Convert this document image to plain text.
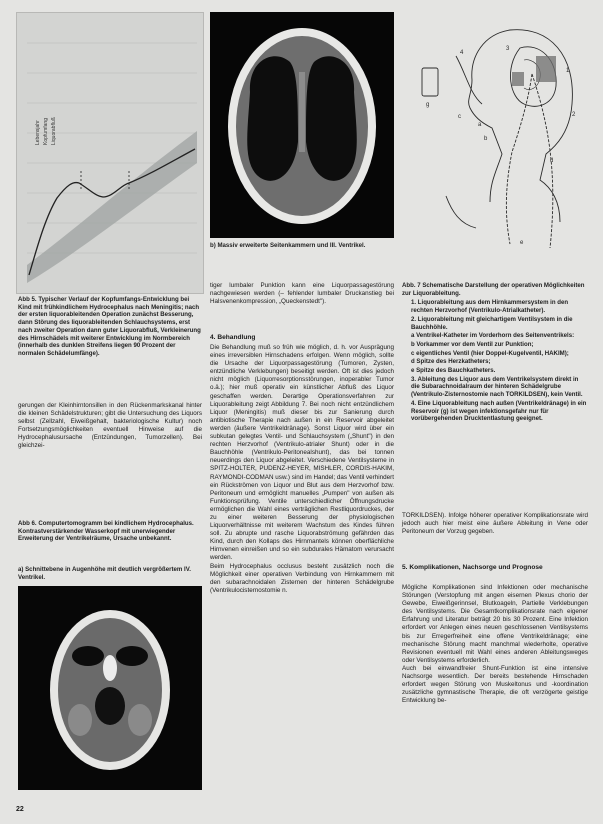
Lebensjahr Kopfumfang Liquorabfluß
Abb 5. Typischer Verlauf der Kopfumfangs-Entwicklung bei Kind mit frühkindlichem Hydrocephalus nach Meningitis; nach der ersten liquorableitenden Operation zunächst Besserung, dann Störung des liquorableitenden Schlauchsystems, erst nach zweiter Operation dann guter Liquorabfluß, Verkleinerung des Hirnschädels mit weiterer Entwicklung im Normbereich (innerhalb des dunklen Streifens liegen 90 Prozent der normalen Schädelumfänge).
gerungen der Kleinhirntonsillen in den Rückenmarkskanal hinter die kleinen Schädelstrukturen; gibt die Untersuchung des Liquors selbst (Zellzahl, Eiweißgehalt, bakteriologische Kultur) noch Fortsetzungsmöglichkeiten eventuell Hinweise auf die Hydrocephalusursache (Entzündungen, Tumorzellen). Bei gleichzei-
Abb 6. Computertomogramm bei kindlichem Hydrocephalus. Kontrastverstärkender Wasserkopf mit unerwiegender Erweiterung der Ventrikelräume, Ursache unbekannt.
a) Schnittebene in Augenhöhe mit deutlich vergrößertem IV. Ventrikel.
22
b) Massiv erweiterte Seitenkammern und III. Ventrikel.
tiger lumbaler Punktion kann eine Liquorpassagestörung nachgewiesen werden (– fehlender lumbaler Druckanstieg bei Halsvenenkompression, „Queckenstedt").
4. Behandlung
Die Behandlung muß so früh wie möglich, d. h. vor Ausprägung eines irreversiblen Hirnschadens erfolgen. Wenn möglich, sollte die Ursache der Liquorpassagestörung (Tumoren, Zysten, entzündliche Verklebungen) beseitigt werden. Oft ist dies jedoch nicht möglich (Liquorresorptionsstörungen, inoperabler Tumor o.ä.); hier muß operativ ein künstlicher Abfluß des Liquor geschaffen werden. Derartige Operationsverfahren zur Liquorableitung zeigt Abbildung 7. Bei noch nicht entzündlichem Liquor (Meningitis) muß dieser bis zur Sanierung durch antibiotische Therapie nach außen in ein Reservoir abgeleitet werden (äußere Ventrikeldränage). Sonst Liquor wird über ein subkutan gelegtes Ventil- und Schlauchsystem („Shunt") in den rechten Herzvorhof (Ventrikulo-atrialer Shunt) oder in die Bauchhöhle (Ventrikulo-Peritonealshunt), das bei tonnen neuerdings den Liquor abgeleitet. Verschiedene Ventilsysteme in SPITZ-HOLTER, PUDENZ-HEYER, MISHLER, CORDIS-HAKIM, RAYMONDI-CODMAN usw.) sind im Handel; das Ventil verhindert ein Rückströmen von Liquor und Blut aus dem Herzvorhof bzw. Peritoneum und ermöglicht manuelles „Pumpen" von außen als Funktionsprüfung. Ventile unterschiedlicher Öffnungsdrucke ermöglichen die Wahl eines verträglichen Restliquordruckes, der zu einer weiteren Besserung der physiologischen Liquorverhältnisse mit weiterem Wachstum des Kindes führen soll. Zu abrupte und rasche Liquorabströmung gefährden das Kind, durch den Kollaps des Hirnmantels können oberflächliche Hirnvenen einreißen und so ein subdurales Hämatom verursacht werden.
Beim Hydrocephalus occlusus besteht zusätzlich noch die Möglichkeit einer operativen Verbindung von Hirnkammern mit den subarachnoidalen Zisternen der hinteren Schädelgrube (Ventrikulocisternostomie n.
a
b
c
d
e
g
1
2
3
4
Abb. 7 Schematische Darstellung der operativen Möglichkeiten zur Liquorableitung.
1. Liquorableitung aus dem Hirnkammersystem in den rechten Herzvorhof (Ventrikulo-Atrialkatheter).
2. Liquorableitung mit gleichartigem Ventilsystem in die Bauchhöhle.
a Ventrikel-Katheter im Vorderhorn des Seitenventrikels:
b Vorkammer vor dem Ventil zur Punktion;
c eigentliches Ventil (hier Doppel-Kugelventil, HAKIM);
d Spitze des Herzkatheters;
e Spitze des Bauchkatheters.
3. Ableitung des Liquor aus dem Ventrikelsystem direkt in die Subarachnoidalraum der hinteren Schädelgrube (Ventrikulo-Zisternostomie nach TORKILDSEN), kein Ventil.
4. Eine Liquorableitung nach außen (Ventrikeldränage) in ein Reservoir (g) ist wegen infektionsgefahr nur für vorübergehenden Drucktentlastung geeignet.
TORKILDSEN). Infolge höherer operativer Komplikationsrate wird jedoch auch hier meist eine äußere Ableitung in Vene oder Peritoneum der Vorzug gegeben.
5. Komplikationen, Nachsorge und Prognose
Mögliche Komplikationen sind Infektionen oder mechanische Störungen (Verstopfung mit angen eisernen Plexus chorio der Gewebe, Eiweißgerinnsel, Blutkoageln, Partielle Verklebungen des Ventilsystems. Die Gesamtkomplikationsrate nach eigener Erfahrung und Literatur beträgt 20 bis 30 Prozent. Eine Infektion erfordert vor Anlegen eines neuen geschlossenen Ventilsystems bis zur Erregerfreiheit eine offene Ventrikeldränage; eine mechanische Störung macht manchmal wiederholte, operative Revisionen eventuell mit Wahl eines anderen Ableitungsweges oder Ventilsystems erforderlich.
Auch bei einwandfreier Shunt-Funktion ist eine intensive Nachsorge wesentlich. Der bereits bestehende Hirnschaden erfordert wegen Störung von Muskeltonus und -koordination zusätzliche gymnastische Therapie, die oft verzögerte geistige Entwicklung be-
